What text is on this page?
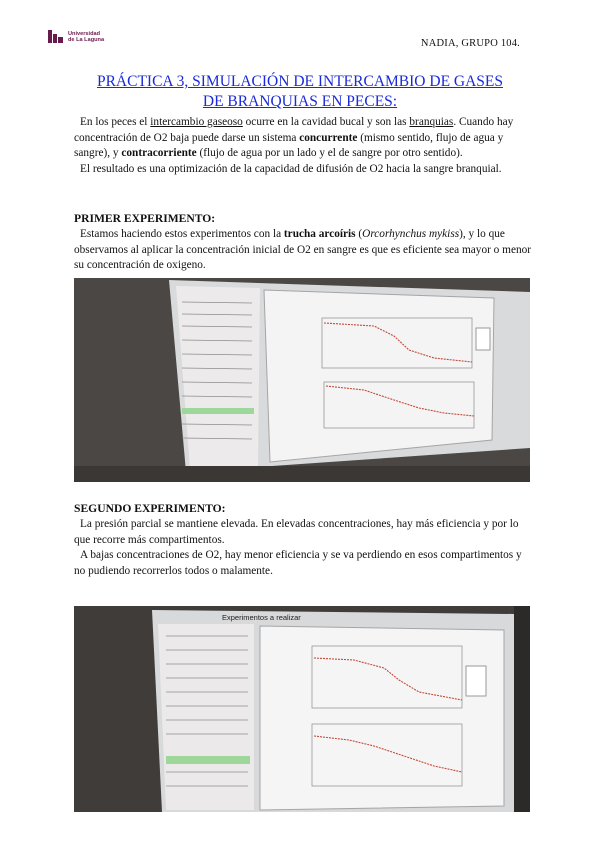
Universidad
de La Laguna	NADIA, GRUPO 104.
PRÁCTICA 3, SIMULACIÓN DE INTERCAMBIO DE GASES
DE BRANQUIAS EN PECES:

En los peces el intercambio gaseoso ocurre en la cavidad bucal y son las branquias. Cuando hay concentración de O2 baja puede darse un sistema concurrente (mismo sentido, flujo de agua y sangre), y contracorriente (flujo de agua por un lado y el de sangre por otro sentido).

El resultado es una optimización de la capacidad de difusión de O2 hacia la sangre branquial.

PRIMER EXPERIMENTO:

Estamos haciendo estos experimentos con la trucha arcoíris (Orcorhynchus mykiss), y lo que observamos al aplicar la concentración inicial de O2 en sangre es que es eficiente sea mayor o menor su concentración de oxigeno.

SEGUNDO EXPERIMENTO:

La presión parcial se mantiene elevada. En elevadas concentraciones, hay más eficiencia y por lo que recorre más compartimentos.

A bajas concentraciones de O2, hay menor eficiencia y se va perdiendo en esos compartimentos y no pudiendo recorrerlos todos o malamente.

Experimentos a realizar
